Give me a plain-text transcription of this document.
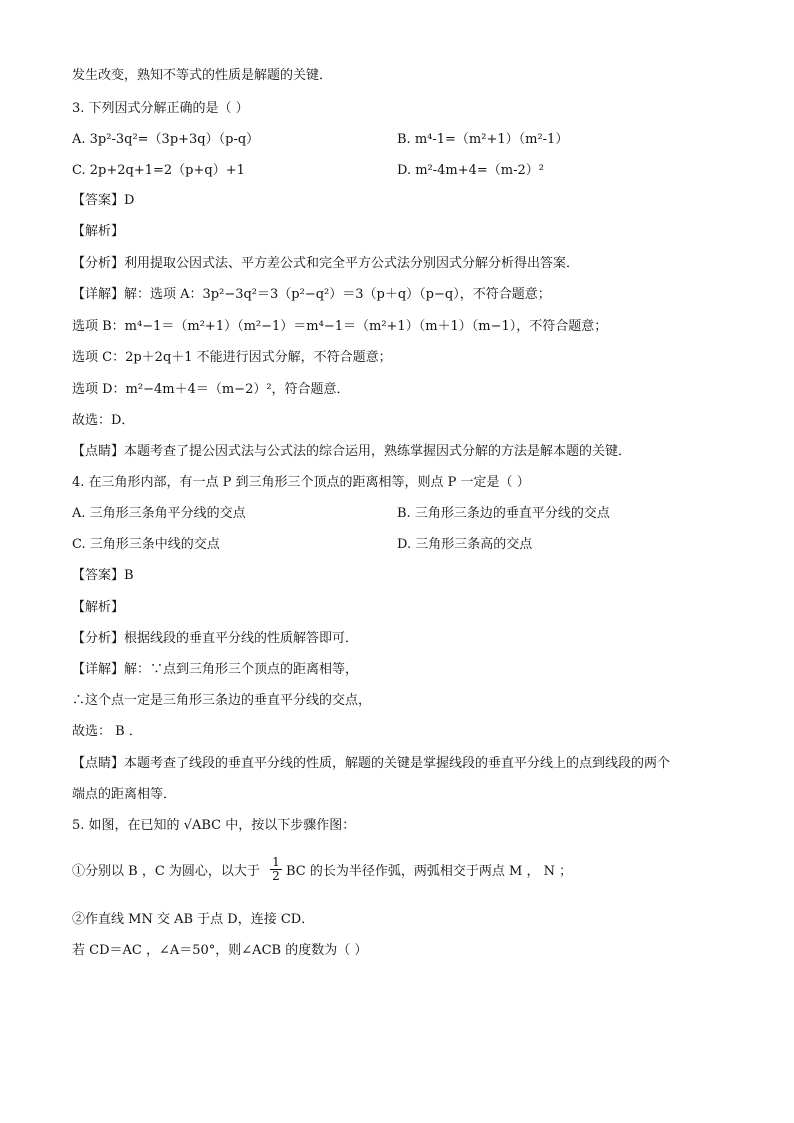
发生改变，熟知不等式的性质是解题的关键．
3. 下列因式分解正确的是（ ）
A. 3p²-3q²=（3p+3q）（p-q）	B. m⁴-1=（m²+1）（m²-1）
C. 2p+2q+1=2（p+q）+1	D. m²-4m+4=（m-2）²
【答案】D
【解析】
【分析】利用提取公因式法、平方差公式和完全平方公式法分别因式分解分析得出答案．
【详解】解：选项 A：3p²−3q²＝3（p²−q²）＝3（p＋q）（p−q），不符合题意；
选项 B：m⁴−1＝（m²+1）（m²−1）＝m⁴−1＝（m²+1）（m＋1）（m−1），不符合题意；
选项 C：2p＋2q＋1 不能进行因式分解，不符合题意；
选项 D：m²−4m＋4＝（m−2）²，符合题意．
故选：D．
【点睛】本题考查了提公因式法与公式法的综合运用，熟练掌握因式分解的方法是解本题的关键．
4. 在三角形内部，有一点 P 到三角形三个顶点的距离相等，则点 P 一定是（ ）
A. 三角形三条角平分线的交点	B. 三角形三条边的垂直平分线的交点
C. 三角形三条中线的交点	D. 三角形三条高的交点
【答案】B
【解析】
【分析】根据线段的垂直平分线的性质解答即可．
【详解】解：∵点到三角形三个顶点的距离相等，
∴这个点一定是三角形三条边的垂直平分线的交点，
故选： B ．
【点睛】本题考查了线段的垂直平分线的性质，解题的关键是掌握线段的垂直平分线上的点到线段的两个
端点的距离相等．
5. 如图，在已知的 √ABC 中，按以下步骤作图：
①分别以 B ，C 为圆心，以大于 $\frac{1}{2}$ BC 的长为半径作弧，两弧相交于两点 M ， N ；
②作直线 MN 交 AB 于点 D，连接 CD．
若 CD＝AC ，∠A＝50°，则∠ACB 的度数为（ ）
